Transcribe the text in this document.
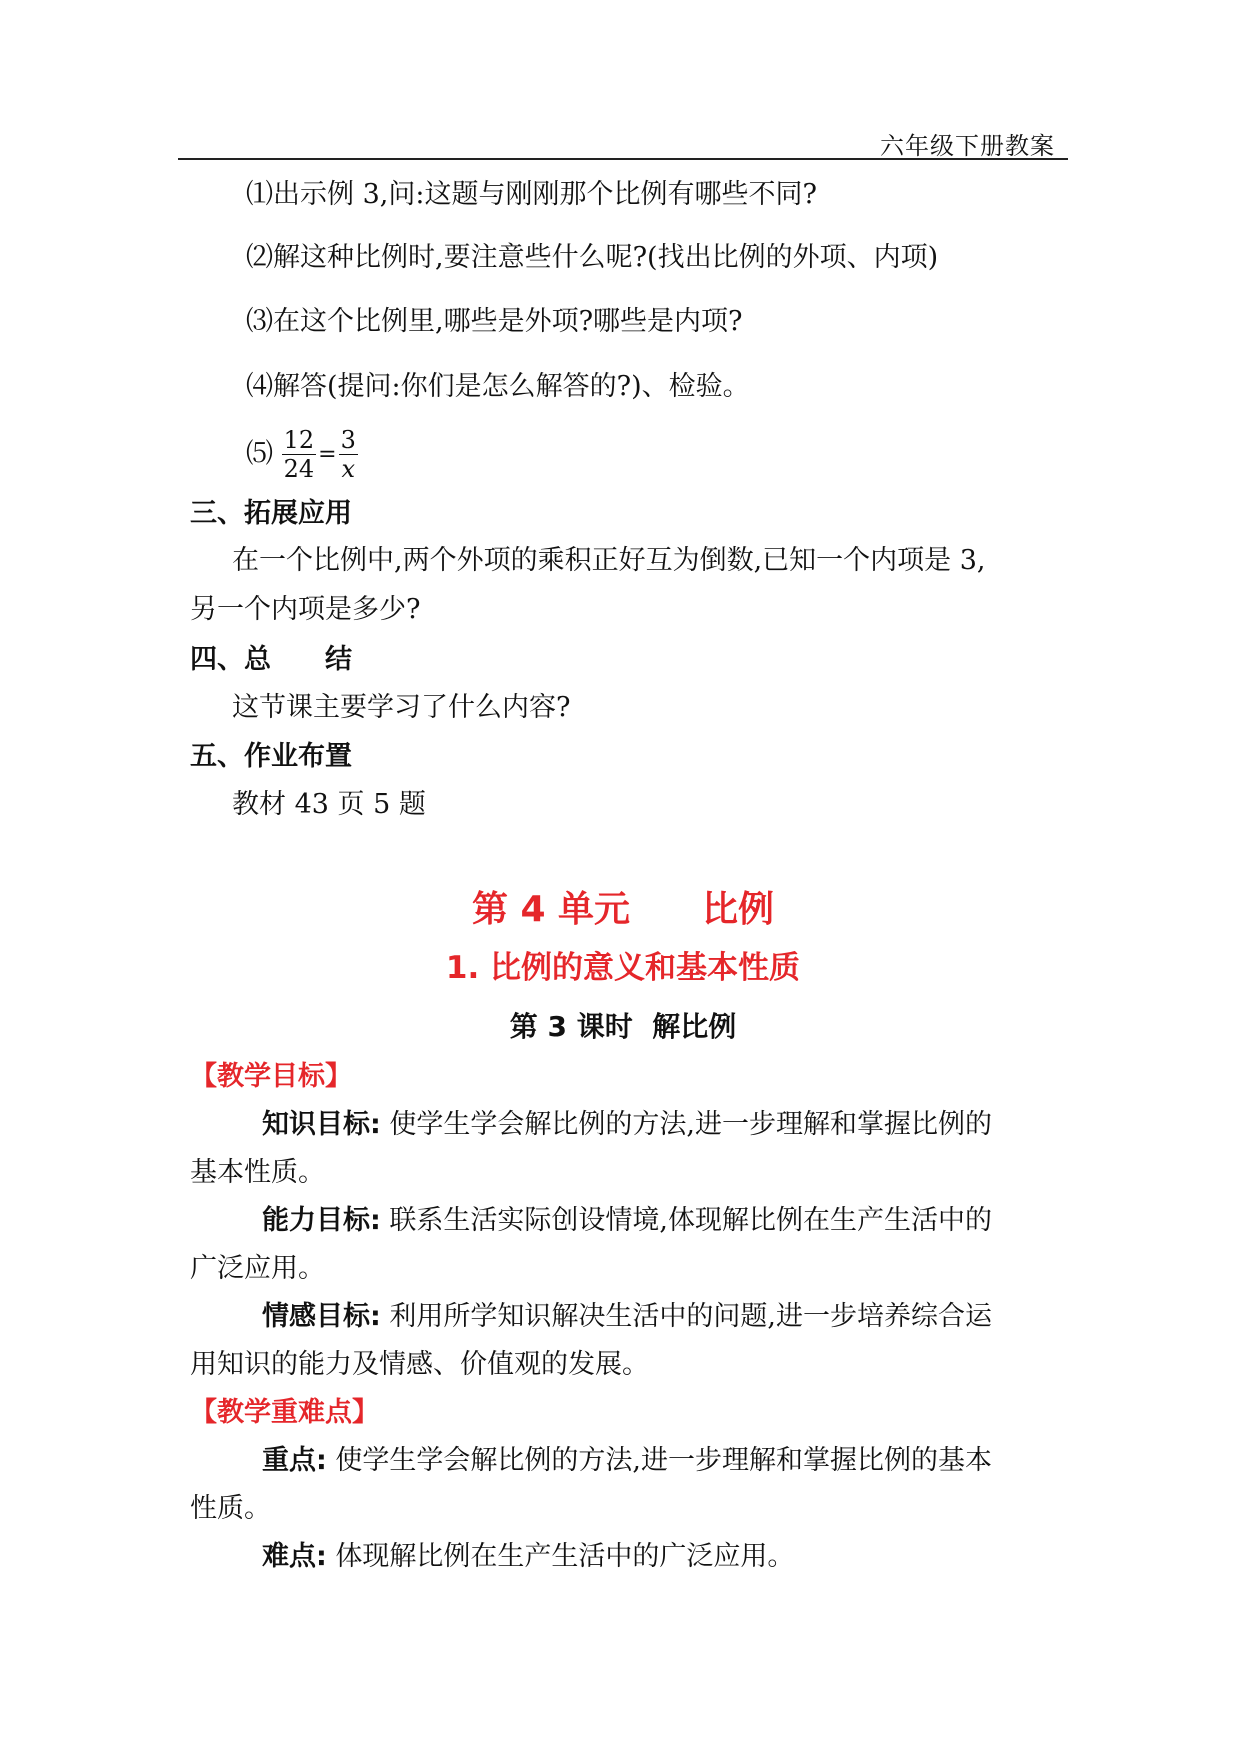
六年级下册教案
⑴出示例 3,问:这题与刚刚那个比例有哪些不同?
⑵解这种比例时,要注意些什么呢?(找出比例的外项、内项)
⑶在这个比例里,哪些是外项?哪些是内项?
⑷解答(提问:你们是怎么解答的?)、检验。
⑸ $\frac{12}{24} = \frac{3}{x}$
三、拓展应用
在一个比例中,两个外项的乘积正好互为倒数,已知一个内项是 3,
另一个内项是多少?
四、总　　结
这节课主要学习了什么内容?
五、作业布置
教材 43 页 5 题
第 4 单元　　比例
1. 比例的意义和基本性质
第 3 课时  解比例
【教学目标】
知识目标: 使学生学会解比例的方法,进一步理解和掌握比例的
基本性质。
能力目标: 联系生活实际创设情境,体现解比例在生产生活中的
广泛应用。
情感目标: 利用所学知识解决生活中的问题,进一步培养综合运
用知识的能力及情感、价值观的发展。
【教学重难点】
重点: 使学生学会解比例的方法,进一步理解和掌握比例的基本
性质。
难点: 体现解比例在生产生活中的广泛应用。
